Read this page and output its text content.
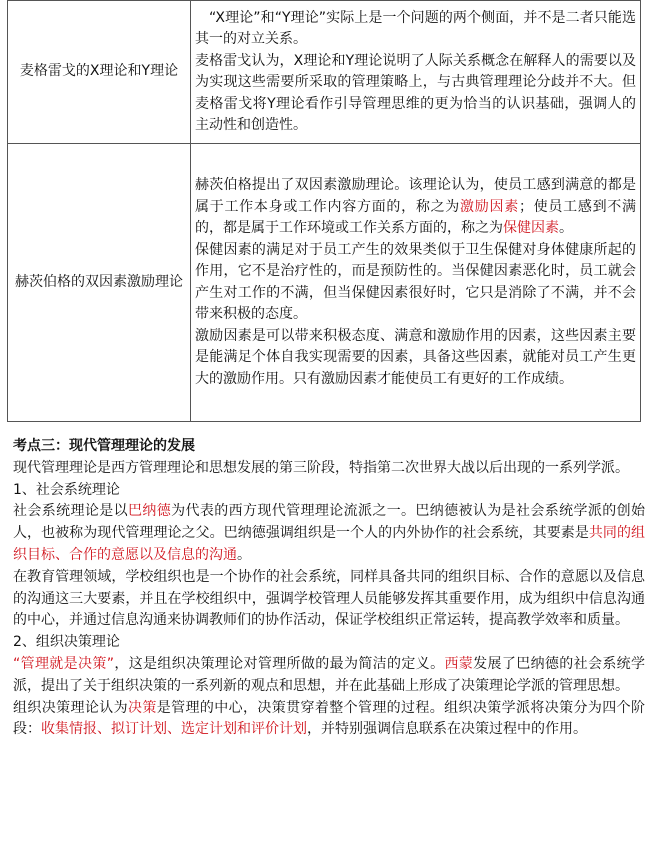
麦格雷戈的X理论和Y理论	“X理论”和“Y理论”实际上是一个问题的两个侧面，并不是二者只能选其一的对立关系。

麦格雷戈认为，X理论和Y理论说明了人际关系概念在解释人的需要以及为实现这些需要所采取的管理策略上，与古典管理理论分歧并不大。但麦格雷戈将Y理论看作引导管理思维的更为恰当的认识基础，强调人的主动性和创造性。

赫茨伯格的双因素激励理论	赫茨伯格提出了双因素激励理论。该理论认为，使员工感到满意的都是属于工作本身或工作内容方面的，称之为激励因素；使员工感到不满的，都是属于工作环境或工作关系方面的，称之为保健因素。

保健因素的满足对于员工产生的效果类似于卫生保健对身体健康所起的作用，它不是治疗性的，而是预防性的。当保健因素恶化时，员工就会产生对工作的不满，但当保健因素很好时，它只是消除了不满，并不会带来积极的态度。

激励因素是可以带来积极态度、满意和激励作用的因素，这些因素主要是能满足个体自我实现需要的因素，具备这些因素，就能对员工产生更大的激励作用。只有激励因素才能使员工有更好的工作成绩。

考点三：现代管理理论的发展

现代管理理论是西方管理理论和思想发展的第三阶段，特指第二次世界大战以后出现的一系列学派。

1、社会系统理论

社会系统理论是以巴纳德为代表的西方现代管理理论流派之一。巴纳德被认为是社会系统学派的创始人，也被称为现代管理理论之父。巴纳德强调组织是一个人的内外协作的社会系统，其要素是共同的组织目标、合作的意愿以及信息的沟通。

在教育管理领域，学校组织也是一个协作的社会系统，同样具备共同的组织目标、合作的意愿以及信息的沟通这三大要素，并且在学校组织中，强调学校管理人员能够发挥其重要作用，成为组织中信息沟通的中心，并通过信息沟通来协调教师们的协作活动，保证学校组织正常运转，提高教学效率和质量。

2、组织决策理论

“管理就是决策”，这是组织决策理论对管理所做的最为简洁的定义。西蒙发展了巴纳德的社会系统学派，提出了关于组织决策的一系列新的观点和思想，并在此基础上形成了决策理论学派的管理思想。

组织决策理论认为决策是管理的中心，决策贯穿着整个管理的过程。组织决策学派将决策分为四个阶段：收集情报、拟订计划、选定计划和评价计划，并特别强调信息联系在决策过程中的作用。
